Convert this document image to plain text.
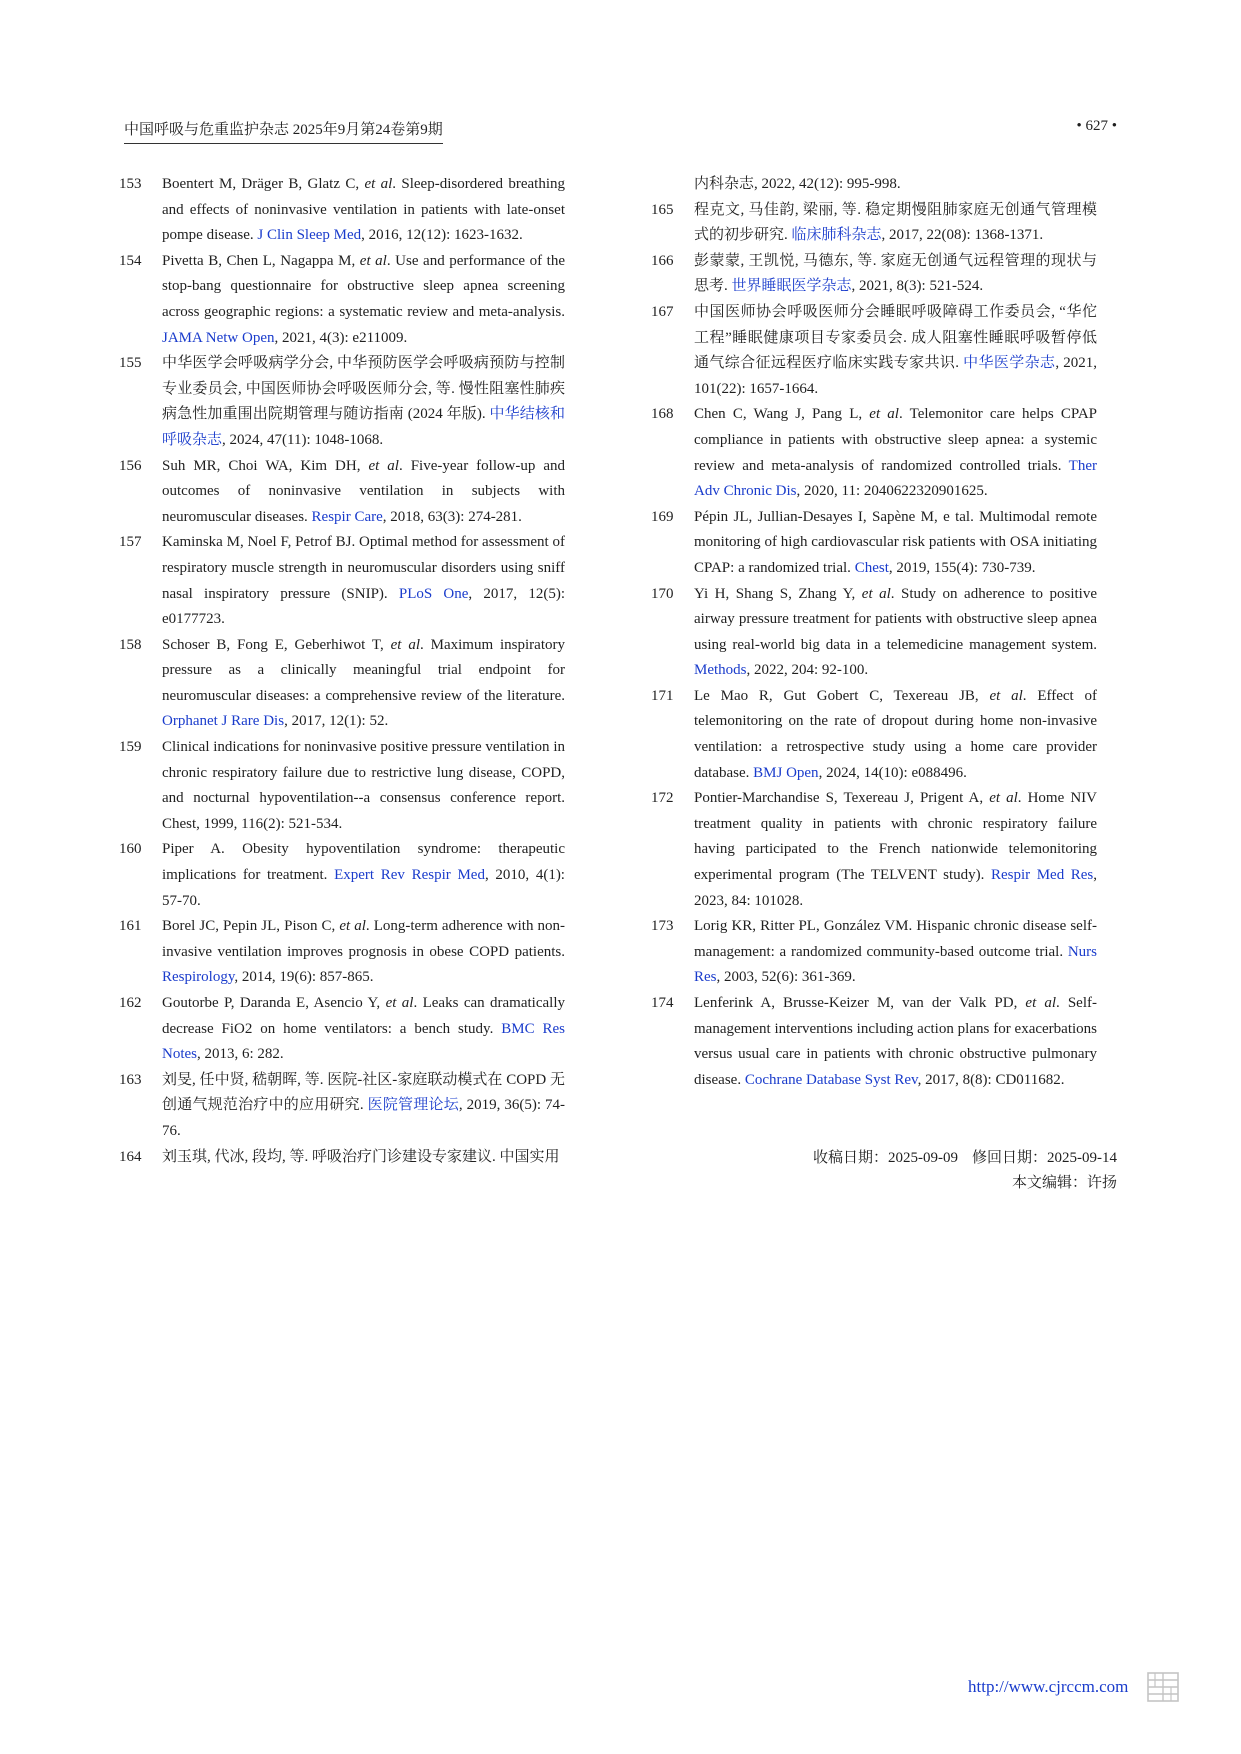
中国呼吸与危重监护杂志 2025年9月第24卷第9期	• 627 •
153	Boentert M, Dräger B, Glatz C, et al. Sleep-disordered breathing and effects of noninvasive ventilation in patients with late-onset pompe disease. J Clin Sleep Med, 2016, 12(12): 1623-1632.
154	Pivetta B, Chen L, Nagappa M, et al. Use and performance of the stop-bang questionnaire for obstructive sleep apnea screening across geographic regions: a systematic review and meta-analysis. JAMA Netw Open, 2021, 4(3): e211009.
155	中华医学会呼吸病学分会, 中华预防医学会呼吸病预防与控制专业委员会, 中国医师协会呼吸医师分会, 等. 慢性阻塞性肺疾病急性加重围出院期管理与随访指南 (2024 年版). 中华结核和呼吸杂志, 2024, 47(11): 1048-1068.
156	Suh MR, Choi WA, Kim DH, et al. Five-year follow-up and outcomes of noninvasive ventilation in subjects with neuromuscular diseases. Respir Care, 2018, 63(3): 274-281.
157	Kaminska M, Noel F, Petrof BJ. Optimal method for assessment of respiratory muscle strength in neuromuscular disorders using sniff nasal inspiratory pressure (SNIP). PLoS One, 2017, 12(5): e0177723.
158	Schoser B, Fong E, Geberhiwot T, et al. Maximum inspiratory pressure as a clinically meaningful trial endpoint for neuromuscular diseases: a comprehensive review of the literature. Orphanet J Rare Dis, 2017, 12(1): 52.
159	Clinical indications for noninvasive positive pressure ventilation in chronic respiratory failure due to restrictive lung disease, COPD, and nocturnal hypoventilation--a consensus conference report. Chest, 1999, 116(2): 521-534.
160	Piper A. Obesity hypoventilation syndrome: therapeutic implications for treatment. Expert Rev Respir Med, 2010, 4(1): 57-70.
161	Borel JC, Pepin JL, Pison C, et al. Long-term adherence with non-invasive ventilation improves prognosis in obese COPD patients. Respirology, 2014, 19(6): 857-865.
162	Goutorbe P, Daranda E, Asencio Y, et al. Leaks can dramatically decrease FiO2 on home ventilators: a bench study. BMC Res Notes, 2013, 6: 282.
163	刘旻, 任中贤, 嵇朝晖, 等. 医院-社区-家庭联动模式在 COPD 无创通气规范治疗中的应用研究. 医院管理论坛, 2019, 36(5): 74-76.
164	刘玉琪, 代冰, 段均, 等. 呼吸治疗门诊建设专家建议. 中国实用
内科杂志, 2022, 42(12): 995-998.
165	程克文, 马佳韵, 梁丽, 等. 稳定期慢阻肺家庭无创通气管理模式的初步研究. 临床肺科杂志, 2017, 22(08): 1368-1371.
166	彭蒙蒙, 王凯悦, 马德东, 等. 家庭无创通气远程管理的现状与思考. 世界睡眠医学杂志, 2021, 8(3): 521-524.
167	中国医师协会呼吸医师分会睡眠呼吸障碍工作委员会, “华佗工程”睡眠健康项目专家委员会. 成人阻塞性睡眠呼吸暂停低通气综合征远程医疗临床实践专家共识. 中华医学杂志, 2021, 101(22): 1657-1664.
168	Chen C, Wang J, Pang L, et al. Telemonitor care helps CPAP compliance in patients with obstructive sleep apnea: a systemic review and meta-analysis of randomized controlled trials. Ther Adv Chronic Dis, 2020, 11: 2040622320901625.
169	Pépin JL, Jullian-Desayes I, Sapène M, e tal. Multimodal remote monitoring of high cardiovascular risk patients with OSA initiating CPAP: a randomized trial. Chest, 2019, 155(4): 730-739.
170	Yi H, Shang S, Zhang Y, et al. Study on adherence to positive airway pressure treatment for patients with obstructive sleep apnea using real-world big data in a telemedicine management system. Methods, 2022, 204: 92-100.
171	Le Mao R, Gut Gobert C, Texereau JB, et al. Effect of telemonitoring on the rate of dropout during home non-invasive ventilation: a retrospective study using a home care provider database. BMJ Open, 2024, 14(10): e088496.
172	Pontier-Marchandise S, Texereau J, Prigent A, et al. Home NIV treatment quality in patients with chronic respiratory failure having participated to the French nationwide telemonitoring experimental program (The TELVENT study). Respir Med Res, 2023, 84: 101028.
173	Lorig KR, Ritter PL, González VM. Hispanic chronic disease self-management: a randomized community-based outcome trial. Nurs Res, 2003, 52(6): 361-369.
174	Lenferink A, Brusse-Keizer M, van der Valk PD, et al. Self-management interventions including action plans for exacerbations versus usual care in patients with chronic obstructive pulmonary disease. Cochrane Database Syst Rev, 2017, 8(8): CD011682.
收稿日期：2025-09-09 修回日期：2025-09-14
本文编辑：许扬
http://www.cjrccm.com
